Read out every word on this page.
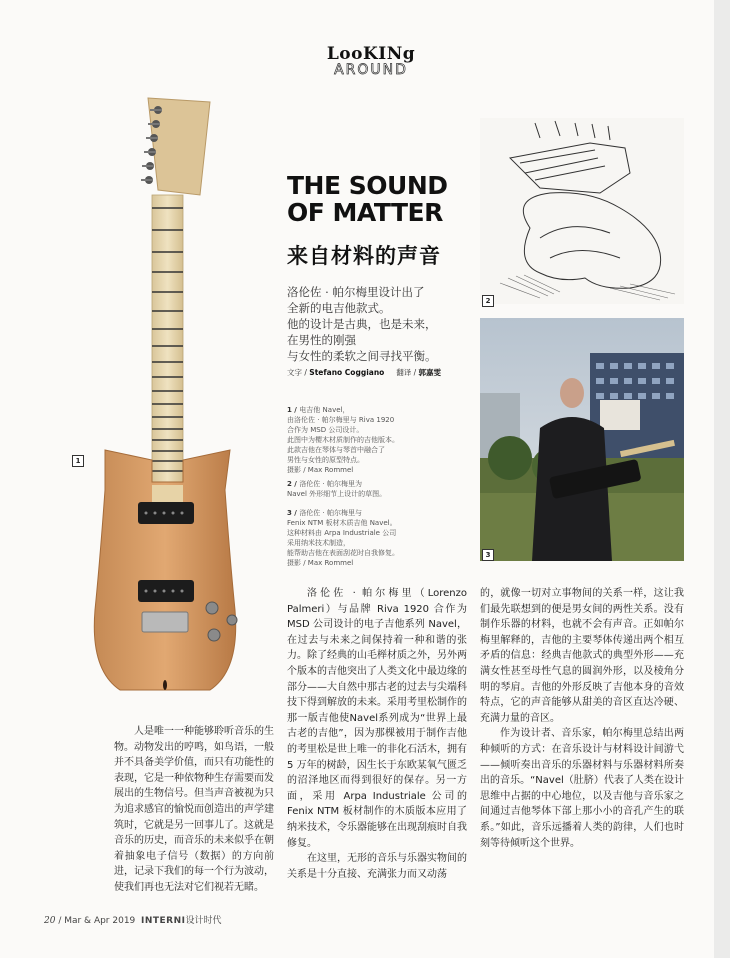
LooKINg
AROUND
1
2
3
THE SOUND
OF MATTER
来自材料的声音
洛伦佐 · 帕尔梅里设计出了
全新的电吉他款式。
他的设计是古典，也是未来，
在男性的刚强
与女性的柔软之间寻找平衡。
文字 / Stefano Coggiano 翻译 / 郭嘉雯
1 / 电吉他 Navel，
由洛伦佐 · 帕尔梅里与 Riva 1920
合作为 MSD 公司设计。
此图中为樱木材质制作的吉他版本。
此款吉他在琴体与琴首中融合了
男性与女性的原型特点。
摄影 / Max Rommel
2 / 洛伦佐 · 帕尔梅里为
Navel 外形细节上设计的草图。
3 / 洛伦佐 · 帕尔梅里与
Fenix NTM 板材木质吉他 Navel。
这种材料由 Arpa Industriale 公司
采用纳米技术制造，
能帮助吉他在表面刮花时自我修复。
摄影 / Max Rommel

人是唯一一种能够聆听音乐的生物。动物发出的哼鸣，如鸟语，一般并不具备美学价值，而只有功能性的表现，它是一种依物种生存需要而发展出的生物信号。但当声音被视为只为追求感官的愉悦而创造出的声学建筑时，它就是另一回事儿了。这就是音乐的历史，而音乐的未来似乎在朝着抽象电子信号（数据）的方向前进，记录下我们的每一个行为波动，使我们再也无法对它们视若无睹。

洛伦佐 · 帕尔梅里（Lorenzo Palmeri）与品牌 Riva 1920 合作为 MSD 公司设计的电子吉他系列 Navel，在过去与未来之间保持着一种和谐的张力。除了经典的山毛榉材质之外，另外两个版本的吉他突出了人类文化中最边缘的部分——大自然中那古老的过去与尖端科技下得到解放的未来。采用考里松制作的那一版吉他使Navel系列成为“世界上最古老的吉他”，因为那棵被用于制作吉他的考里松是世上唯一的非化石活木，拥有 5 万年的树龄，因生长于东欧某氧气匮乏的沼泽地区而得到很好的保存。另一方面，采用 Arpa Industriale 公司的 Fenix NTM 板材制作的木质版本应用了纳米技术，令乐器能够在出现刮痕时自我修复。

在这里，无形的音乐与乐器实物间的关系是十分直接、充满张力而又动荡

的，就像一切对立事物间的关系一样，这让我们最先联想到的便是男女间的两性关系。没有制作乐器的材料，也就不会有声音。正如帕尔梅里解释的，吉他的主要琴体传递出两个相互矛盾的信息：经典吉他款式的典型外形——充满女性甚至母性气息的圆润外形，以及棱角分明的琴肩。吉他的外形反映了吉他本身的音效特点，它的声音能够从甜美的音区直达冷硬、充满力量的音区。

作为设计者、音乐家，帕尔梅里总结出两种倾听的方式：在音乐设计与材料设计间游弋——倾听奏出音乐的乐器材料与乐器材料所奏出的音乐。“Navel（肚脐）代表了人类在设计思维中占据的中心地位，以及吉他与音乐家之间通过吉他琴体下部上那小小的音孔产生的联系。”如此，音乐远播着人类的韵律，人们也时刻等待倾听这个世界。

20 / Mar & Apr 2019 INTERNI设计时代
